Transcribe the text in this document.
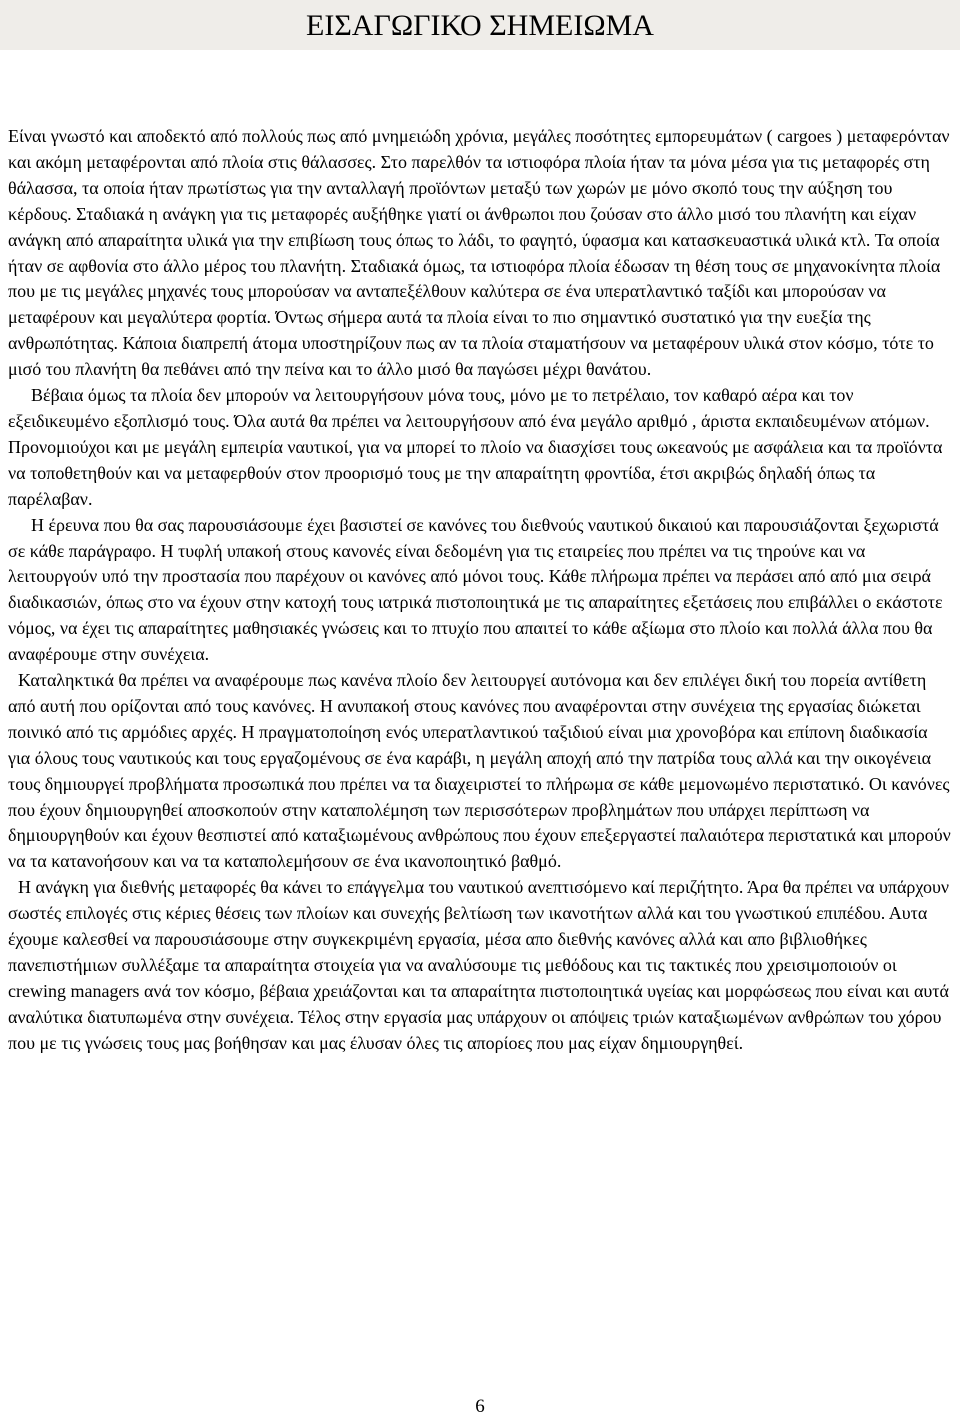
ΕΙΣΑΓΩΓΙΚΟ ΣΗΜΕΙΩΜΑ

Είναι γνωστό και αποδεκτό από πολλούς πως από μνημειώδη χρόνια, μεγάλες ποσότητες εμπορευμάτων ( cargoes ) μεταφερόνταν και ακόμη μεταφέρονται από πλοία στις θάλασσες. Στο παρελθόν τα ιστιοφόρα πλοία ήταν τα μόνα μέσα για τις μεταφορές στη θάλασσα, τα οποία ήταν πρωτίστως για την ανταλλαγή προϊόντων μεταξύ των χωρών με μόνο σκοπό τους την αύξηση του κέρδους. Σταδιακά η ανάγκη για τις μεταφορές αυξήθηκε γιατί οι άνθρωποι που ζούσαν στο άλλο μισό του πλανήτη και είχαν ανάγκη από απαραίτητα υλικά για την επιβίωση τους όπως το λάδι, το φαγητό, ύφασμα και κατασκευαστικά υλικά κτλ. Τα οποία ήταν σε αφθονία στο άλλο μέρος του πλανήτη. Σταδιακά όμως, τα ιστιοφόρα πλοία έδωσαν τη θέση τους σε μηχανοκίνητα πλοία που με τις μεγάλες μηχανές τους μπορούσαν να ανταπεξέλθουν καλύτερα σε ένα υπερατλαντικό ταξίδι και μπορούσαν να μεταφέρουν και μεγαλύτερα φορτία. Όντως σήμερα αυτά τα πλοία είναι το πιο σημαντικό συστατικό για την ευεξία της ανθρωπότητας. Κάποια διαπρεπή άτομα υποστηρίζουν πως αν τα πλοία σταματήσουν να μεταφέρουν υλικά στον κόσμο, τότε το μισό του πλανήτη θα πεθάνει από την πείνα και το άλλο μισό θα παγώσει μέχρι θανάτου.

Βέβαια όμως τα πλοία δεν μπορούν να λειτουργήσουν μόνα τους, μόνο με το πετρέλαιο, τον καθαρό αέρα και τον εξειδικευμένο εξοπλισμό τους. Όλα αυτά θα πρέπει να λειτουργήσουν από ένα μεγάλο αριθμό , άριστα εκπαιδευμένων ατόμων. Προνομιούχοι και με μεγάλη εμπειρία ναυτικοί, για να μπορεί το πλοίο να διασχίσει τους ωκεανούς με ασφάλεια και τα προϊόντα να τοποθετηθούν και να μεταφερθούν στον προορισμό τους με την απαραίτητη φροντίδα, έτσι ακριβώς δηλαδή όπως τα παρέλαβαν.

Η έρευνα που θα σας παρουσιάσουμε έχει βασιστεί σε κανόνες του διεθνούς ναυτικού δικαιού και παρουσιάζονται ξεχωριστά σε κάθε παράγραφο. Η τυφλή υπακοή στους κανονές είναι δεδομένη για τις εταιρείες που πρέπει να τις τηρούνε και να λειτουργούν υπό την προστασία που παρέχουν οι κανόνες από μόνοι τους. Κάθε πλήρωμα πρέπει να περάσει από από μια σειρά διαδικασιών, όπως στο να έχουν στην κατοχή τους ιατρικά πιστοποιητικά με τις απαραίτητες εξετάσεις που επιβάλλει ο εκάστοτε νόμος, να έχει τις απαραίτητες μαθησιακές γνώσεις και το πτυχίο που απαιτεί το κάθε αξίωμα στο πλοίο και πολλά άλλα που θα αναφέρουμε στην συνέχεια.

Καταληκτικά θα πρέπει να αναφέρουμε πως κανένα πλοίο δεν λειτουργεί αυτόνομα και δεν επιλέγει δική του πορεία αντίθετη από αυτή που ορίζονται από τους κανόνες. Η ανυπακοή στους κανόνες που αναφέρονται στην συνέχεια της εργασίας διώκεται ποινικό από τις αρμόδιες αρχές. Η πραγματοποίηση ενός υπερατλαντικού ταξιδιού είναι μια χρονοβόρα και επίπονη διαδικασία για όλους τους ναυτικούς και τους εργαζομένους σε ένα καράβι, η μεγάλη αποχή από την πατρίδα τους αλλά και την οικογένεια τους δημιουργεί προβλήματα προσωπικά που πρέπει να τα διαχειριστεί το πλήρωμα σε κάθε μεμονωμένο περιστατικό. Οι κανόνες που έχουν δημιουργηθεί αποσκοπούν στην καταπολέμηση των περισσότερων προβλημάτων που υπάρχει περίπτωση να δημιουργηθούν και έχουν θεσπιστεί από καταξιωμένους ανθρώπους που έχουν επεξεργαστεί παλαιότερα περιστατικά και μπορούν να τα κατανοήσουν και να τα καταπολεμήσουν σε ένα ικανοποιητικό βαθμό.

Η ανάγκη για διεθνής μεταφορές θα κάνει το επάγγελμα του ναυτικού ανεπτισόμενο καί περιζήτητο. Άρα θα πρέπει να υπάρχουν σωστές επιλογές στις κέριες θέσεις των πλοίων και συνεχής βελτίωση των ικανοτήτων αλλά και του γνωστικού επιπέδου. Αυτα έχουμε καλεσθεί να παρουσιάσουμε στην συγκεκριμένη εργασία, μέσα απο διεθνής κανόνες αλλά και απο βιβλιοθήκες πανεπιστήμιων συλλέξαμε τα απαραίτητα στοιχεία για να αναλύσουμε τις μεθόδους και τις τακτικές που χρεισιμοποιούν οι crewing managers ανά τον κόσμο, βέβαια χρειάζονται και τα απαραίτητα πιστοποιητικά υγείας και μορφώσεως που είναι και αυτά αναλύτικα διατυπωμένα στην συνέχεια. Τέλος στην εργασία μας υπάρχουν οι απόψεις τριών καταξιωμένων ανθρώπων του χόρου που με τις γνώσεις τους μας βοήθησαν και μας έλυσαν όλες τις απορίοες που μας είχαν δημιουργηθεί.

6
